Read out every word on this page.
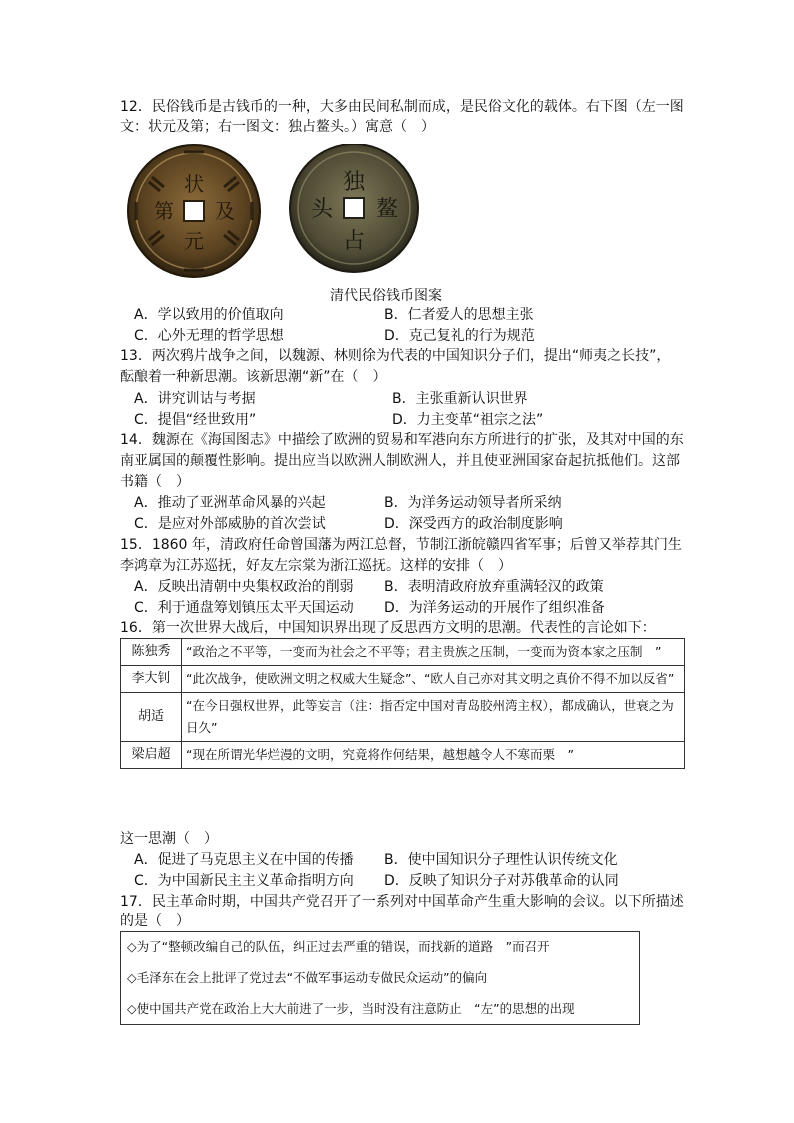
12．民俗钱币是古钱币的一种，大多由民间私制而成，是民俗文化的载体。右下图（左一图
文：状元及第；右一图文：独占鳌头。）寓意（　）
状
及
元
第
独
鳌
占
头
清代民俗钱币图案
A．学以致用的价值取向	B．仁者爱人的思想主张
C．心外无理的哲学思想	D．克己复礼的行为规范
13．两次鸦片战争之间，以魏源、林则徐为代表的中国知识分子们，提出“师夷之长技”，
酝酿着一种新思潮。该新思潮“新”在（　）
A．讲究训诂与考据	B．主张重新认识世界
C．提倡“经世致用”	D．力主变革“祖宗之法”
14．魏源在《海国图志》中描绘了欧洲的贸易和军港向东方所进行的扩张，及其对中国的东
南亚属国的颠覆性影响。提出应当以欧洲人制欧洲人，并且使亚洲国家奋起抗抵他们。这部
书籍（　）
A．推动了亚洲革命风暴的兴起	B．为洋务运动领导者所采纳
C．是应对外部威胁的首次尝试	D．深受西方的政治制度影响
15．1860 年，清政府任命曾国藩为两江总督，节制江浙皖赣四省军事；后曾又举荐其门生
李鸿章为江苏巡抚，好友左宗棠为浙江巡抚。这样的安排（　）
A．反映出清朝中央集权政治的削弱 B．表明清政府放弃重满轻汉的政策
C．利于通盘筹划镇压太平天国运动 D．为洋务运动的开展作了组织准备
16．第一次世界大战后，中国知识界出现了反思西方文明的思潮。代表性的言论如下：
陈独秀	“政治之不平等，一变而为社会之不平等；君主贵族之压制，一变而为资本家之压制　”
李大钊	“此次战争，使欧洲文明之权威大生疑念”、“欧人自己亦对其文明之真价不得不加以反省”
胡适	“在今日强权世界，此等妄言（注：指否定中国对青岛胶州湾主权），都成确认，世衰之为日久”
梁启超	“现在所谓光华烂漫的文明，究竟将作何结果，越想越令人不寒而栗　”
这一思潮（　）
A．促进了马克思主义在中国的传播 B．使中国知识分子理性认识传统文化
C．为中国新民主主义革命指明方向 D．反映了知识分子对苏俄革命的认同
17．民主革命时期，中国共产党召开了一系列对中国革命产生重大影响的会议。以下所描述
的是（　）
◇为了“整顿改编自己的队伍，纠正过去严重的错误，而找新的道路　”而召开
◇毛泽东在会上批评了党过去“不做军事运动专做民众运动”的偏向
◇使中国共产党在政治上大大前进了一步，当时没有注意防止　“左”的思想的出现
